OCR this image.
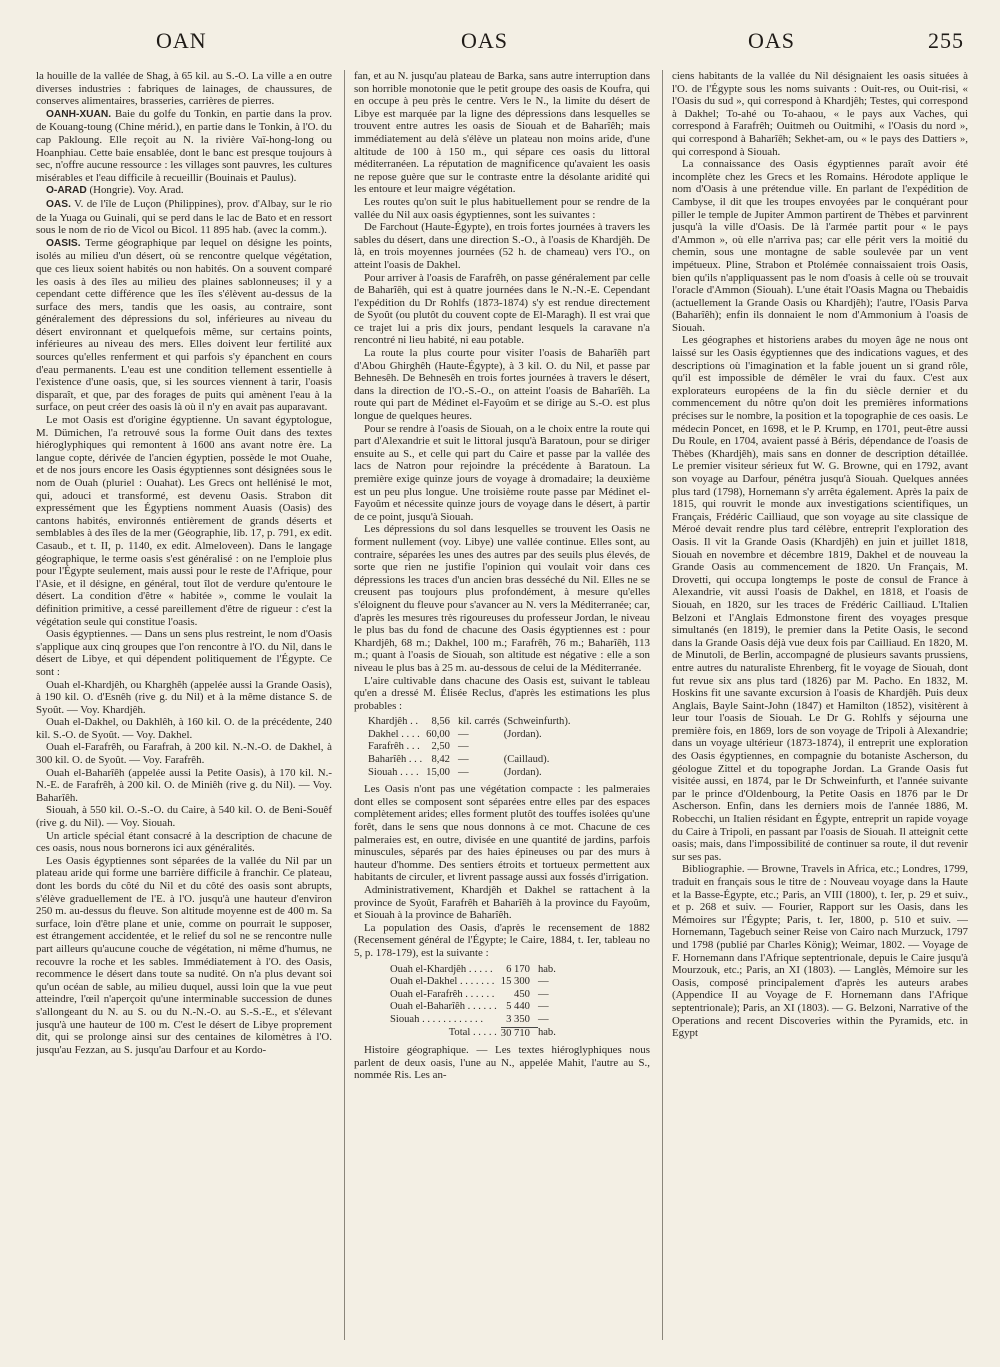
OAN	OAS	OAS	255

la houille de la vallée de Shag, à 65 kil. au S.-O. La ville a en outre diverses industries : fabriques de lainages, de chaussures, de conserves alimentaires, brasseries, carrières de pierres.

OANH-XUAN. Baie du golfe du Tonkin, en partie dans la prov. de Kouang-toung (Chine mérid.), en partie dans le Tonkin, à l'O. du cap Pakloung. Elle reçoit au N. la rivière Vaï-hong-long ou Hoanphiau. Cette baie ensablée, dont le banc est presque toujours à sec, n'offre aucune ressource : les villages sont pauvres, les cultures misérables et l'eau difficile à recueillir (Bouinais et Paulus).

O-ARAD (Hongrie). Voy. Arad.

OAS. V. de l'île de Luçon (Philippines), prov. d'Albay, sur le rio de la Yuaga ou Guinali, qui se perd dans le lac de Bato et en ressort sous le nom de rio de Vicol ou Bicol. 11 895 hab. (avec la comm.).

OASIS. Terme géographique par lequel on désigne les points, isolés au milieu d'un désert, où se rencontre quelque végétation, que ces lieux soient habités ou non habités. On a souvent comparé les oasis à des îles au milieu des plaines sablonneuses; il y a cependant cette différence que les îles s'élèvent au-dessus de la surface des mers, tandis que les oasis, au contraire, sont généralement des dépressions du sol, inférieures au niveau du désert environnant et quelquefois même, sur certains points, inférieures au niveau des mers. Elles doivent leur fertilité aux sources qu'elles renferment et qui parfois s'y épanchent en cours d'eau permanents. L'eau est une condition tellement essentielle à l'existence d'une oasis, que, si les sources viennent à tarir, l'oasis disparaît, et que, par des forages de puits qui amènent l'eau à la surface, on peut créer des oasis là où il n'y en avait pas auparavant.

Le mot Oasis est d'origine égyptienne. Un savant égyptologue, M. Dümichen, l'a retrouvé sous la forme Ouit dans des textes hiéroglyphiques qui remontent à 1600 ans avant notre ère. La langue copte, dérivée de l'ancien égyptien, possède le mot Ouahe, et de nos jours encore les Oasis égyptiennes sont désignées sous le nom de Ouah (pluriel : Ouahat). Les Grecs ont hellénisé le mot, qui, adouci et transformé, est devenu Oasis. Strabon dit expressément que les Égyptiens nomment Auasis (Oasis) des cantons habités, environnés entièrement de grands déserts et semblables à des îles de la mer (Géographie, lib. 17, p. 791, ex edit. Casaub., et t. II, p. 1140, ex edit. Almeloveen). Dans le langage géographique, le terme oasis s'est généralisé : on ne l'emploie plus pour l'Égypte seulement, mais aussi pour le reste de l'Afrique, pour l'Asie, et il désigne, en général, tout îlot de verdure qu'entoure le désert. La condition d'être « habitée », comme le voulait la définition primitive, a cessé pareillement d'être de rigueur : c'est la végétation seule qui constitue l'oasis.

Oasis égyptiennes. — Dans un sens plus restreint, le nom d'Oasis s'applique aux cinq groupes que l'on rencontre à l'O. du Nil, dans le désert de Libye, et qui dépendent politiquement de l'Égypte. Ce sont :

Ouah el-Khardjêh, ou Kharghêh (appelée aussi la Grande Oasis), à 190 kil. O. d'Esnêh (rive g. du Nil) et à la même distance S. de Syoût. — Voy. Khardjêh.

Ouah el-Dakhel, ou Dakhlêh, à 160 kil. O. de la précédente, 240 kil. S.-O. de Syoût. — Voy. Dakhel.

Ouah el-Farafrêh, ou Farafrah, à 200 kil. N.-N.-O. de Dakhel, à 300 kil. O. de Syoût. — Voy. Farafrêh.

Ouah el-Baharîêh (appelée aussi la Petite Oasis), à 170 kil. N.-N.-E. de Farafrêh, à 200 kil. O. de Miniêh (rive g. du Nil). — Voy. Baharîêh.

Siouah, à 550 kil. O.-S.-O. du Caire, à 540 kil. O. de Beni-Souêf (rive g. du Nil). — Voy. Siouah.

Un article spécial étant consacré à la description de chacune de ces oasis, nous nous bornerons ici aux généralités.

Les Oasis égyptiennes sont séparées de la vallée du Nil par un plateau aride qui forme une barrière difficile à franchir. Ce plateau, dont les bords du côté du Nil et du côté des oasis sont abrupts, s'élève graduellement de l'E. à l'O. jusqu'à une hauteur d'environ 250 m. au-dessus du fleuve. Son altitude moyenne est de 400 m. Sa surface, loin d'être plane et unie, comme on pourrait le supposer, est étrangement accidentée, et le relief du sol ne se rencontre nulle part ailleurs qu'aucune couche de végétation, ni même d'humus, ne recouvre la roche et les sables. Immédiatement à l'O. des Oasis, recommence le désert dans toute sa nudité. On n'a plus devant soi qu'un océan de sable, au milieu duquel, aussi loin que la vue peut atteindre, l'œil n'aperçoit qu'une interminable succession de dunes s'allongeant du N. au S. ou du N.-N.-O. au S.-S.-E., et s'élevant jusqu'à une hauteur de 100 m. C'est le désert de Libye proprement dit, qui se prolonge ainsi sur des centaines de kilomètres à l'O. jusqu'au Fezzan, au S. jusqu'au Darfour et au Kordo-

fan, et au N. jusqu'au plateau de Barka, sans autre interruption dans son horrible monotonie que le petit groupe des oasis de Koufra, qui en occupe à peu près le centre. Vers le N., la limite du désert de Libye est marquée par la ligne des dépressions dans lesquelles se trouvent entre autres les oasis de Siouah et de Baharîêh; mais immédiatement au delà s'élève un plateau non moins aride, d'une altitude de 100 à 150 m., qui sépare ces oasis du littoral méditerranéen. La réputation de magnificence qu'avaient les oasis ne repose guère que sur le contraste entre la désolante aridité qui les entoure et leur maigre végétation.

Les routes qu'on suit le plus habituellement pour se rendre de la vallée du Nil aux oasis égyptiennes, sont les suivantes :

De Farchout (Haute-Égypte), en trois fortes journées à travers les sables du désert, dans une direction S.-O., à l'oasis de Khardjêh. De là, en trois moyennes journées (52 h. de chameau) vers l'O., on atteint l'oasis de Dakhel.

Pour arriver à l'oasis de Farafrêh, on passe généralement par celle de Baharîêh, qui est à quatre journées dans le N.-N.-E. Cependant l'expédition du Dr Rohlfs (1873-1874) s'y est rendue directement de Syoût (ou plutôt du couvent copte de El-Maragh). Il est vrai que ce trajet lui a pris dix jours, pendant lesquels la caravane n'a rencontré ni lieu habité, ni eau potable.

La route la plus courte pour visiter l'oasis de Baharîêh part d'Abou Ghirghêh (Haute-Égypte), à 3 kil. O. du Nil, et passe par Behnesêh. De Behnesêh en trois fortes journées à travers le désert, dans la direction de l'O.-S.-O., on atteint l'oasis de Baharîêh. La route qui part de Médinet el-Fayoûm et se dirige au S.-O. est plus longue de quelques heures.

Pour se rendre à l'oasis de Siouah, on a le choix entre la route qui part d'Alexandrie et suit le littoral jusqu'à Baratoun, pour se diriger ensuite au S., et celle qui part du Caire et passe par la vallée des lacs de Natron pour rejoindre la précédente à Baratoun. La première exige quinze jours de voyage à dromadaire; la deuxième est un peu plus longue. Une troisième route passe par Médinet el-Fayoûm et nécessite quinze jours de voyage dans le désert, à partir de ce point, jusqu'à Siouah.

Les dépressions du sol dans lesquelles se trouvent les Oasis ne forment nullement (voy. Libye) une vallée continue. Elles sont, au contraire, séparées les unes des autres par des seuils plus élevés, de sorte que rien ne justifie l'opinion qui voulait voir dans ces dépressions les traces d'un ancien bras desséché du Nil. Elles ne se creusent pas toujours plus profondément, à mesure qu'elles s'éloignent du fleuve pour s'avancer au N. vers la Méditerranée; car, d'après les mesures très rigoureuses du professeur Jordan, le niveau le plus bas du fond de chacune des Oasis égyptiennes est : pour Khardjêh, 68 m.; Dakhel, 100 m.; Farafrêh, 76 m.; Baharîêh, 113 m.; quant à l'oasis de Siouah, son altitude est négative : elle a son niveau le plus bas à 25 m. au-dessous de celui de la Méditerranée.

L'aire cultivable dans chacune des Oasis est, suivant le tableau qu'en a dressé M. Élisée Reclus, d'après les estimations les plus probables :

Khardjêh . .	8,56	kil. carrés	(Schweinfurth).
Dakhel . . . .	60,00	—	(Jordan).
Farafrêh . . .	2,50	—	
Baharîêh . . .	8,42	—	(Caillaud).
Siouah . . . .	15,00	—	(Jordan).

Les Oasis n'ont pas une végétation compacte : les palmeraies dont elles se composent sont séparées entre elles par des espaces complètement arides; elles forment plutôt des touffes isolées qu'une forêt, dans le sens que nous donnons à ce mot. Chacune de ces palmeraies est, en outre, divisée en une quantité de jardins, parfois minuscules, séparés par des haies épineuses ou par des murs à hauteur d'homme. Des sentiers étroits et tortueux permettent aux habitants de circuler, et livrent passage aussi aux fossés d'irrigation.

Administrativement, Khardjêh et Dakhel se rattachent à la province de Syoût, Farafrêh et Baharîêh à la province du Fayoûm, et Siouah à la province de Baharîêh.

La population des Oasis, d'après le recensement de 1882 (Recensement général de l'Égypte; le Caire, 1884, t. Ier, tableau no 5, p. 178-179), est la suivante :

Ouah el-Khardjêh . . . . .	6 170	hab.
Ouah el-Dakhel . . . . . . .	15 300	—
Ouah el-Farafrêh . . . . . .	450	—
Ouah el-Baharîêh . . . . . .	5 440	—
Siouah . . . . . . . . . . . .	3 350	—
Total . . . . .	30 710	hab.

Histoire géographique. — Les textes hiéroglyphiques nous parlent de deux oasis, l'une au N., appelée Mahit, l'autre au S., nommée Ris. Les an-

ciens habitants de la vallée du Nil désignaient les oasis situées à l'O. de l'Égypte sous les noms suivants : Ouit-res, ou Ouit-risi, « l'Oasis du sud », qui correspond à Khardjêh; Testes, qui correspond à Dakhel; To-ahé ou To-ahaou, « le pays aux Vaches, qui correspond à Farafrêh; Ouitmeh ou Ouitmihi, « l'Oasis du nord », qui correspond à Baharîêh; Sekhet-am, ou « le pays des Dattiers », qui correspond à Siouah.

La connaissance des Oasis égyptiennes paraît avoir été incomplète chez les Grecs et les Romains. Hérodote applique le nom d'Oasis à une prétendue ville. En parlant de l'expédition de Cambyse, il dit que les troupes envoyées par le conquérant pour piller le temple de Jupiter Ammon partirent de Thèbes et parvinrent jusqu'à la ville d'Oasis. De là l'armée partit pour « le pays d'Ammon », où elle n'arriva pas; car elle périt vers la moitié du chemin, sous une montagne de sable soulevée par un vent impétueux. Pline, Strabon et Ptolémée connaissaient trois Oasis, bien qu'ils n'appliquassent pas le nom d'oasis à celle où se trouvait l'oracle d'Ammon (Siouah). L'une était l'Oasis Magna ou Thebaidis (actuellement la Grande Oasis ou Khardjêh); l'autre, l'Oasis Parva (Baharîêh); enfin ils donnaient le nom d'Ammonium à l'oasis de Siouah.

Les géographes et historiens arabes du moyen âge ne nous ont laissé sur les Oasis égyptiennes que des indications vagues, et des descriptions où l'imagination et la fable jouent un si grand rôle, qu'il est impossible de démêler le vrai du faux. C'est aux explorateurs européens de la fin du siècle dernier et du commencement du nôtre qu'on doit les premières informations précises sur le nombre, la position et la topographie de ces oasis. Le médecin Poncet, en 1698, et le P. Krump, en 1701, peut-être aussi Du Roule, en 1704, avaient passé à Béris, dépendance de l'oasis de Thèbes (Khardjêh), mais sans en donner de description détaillée. Le premier visiteur sérieux fut W. G. Browne, qui en 1792, avant son voyage au Darfour, pénétra jusqu'à Siouah. Quelques années plus tard (1798), Hornemann s'y arrêta également. Après la paix de 1815, qui rouvrit le monde aux investigations scientifiques, un Français, Frédéric Cailliaud, que son voyage au site classique de Méroé devait rendre plus tard célèbre, entreprit l'exploration des Oasis. Il vit la Grande Oasis (Khardjêh) en juin et juillet 1818, Siouah en novembre et décembre 1819, Dakhel et de nouveau la Grande Oasis au commencement de 1820. Un Français, M. Drovetti, qui occupa longtemps le poste de consul de France à Alexandrie, vit aussi l'oasis de Dakhel, en 1818, et l'oasis de Siouah, en 1820, sur les traces de Frédéric Cailliaud. L'Italien Belzoni et l'Anglais Edmonstone firent des voyages presque simultanés (en 1819), le premier dans la Petite Oasis, le second dans la Grande Oasis déjà vue deux fois par Cailliaud. En 1820, M. de Minutoli, de Berlin, accompagné de plusieurs savants prussiens, entre autres du naturaliste Ehrenberg, fit le voyage de Siouah, dont fut revue six ans plus tard (1826) par M. Pacho. En 1832, M. Hoskins fit une savante excursion à l'oasis de Khardjêh. Puis deux Anglais, Bayle Saint-John (1847) et Hamilton (1852), visitèrent à leur tour l'oasis de Siouah. Le Dr G. Rohlfs y séjourna une première fois, en 1869, lors de son voyage de Tripoli à Alexandrie; dans un voyage ultérieur (1873-1874), il entreprit une exploration des Oasis égyptiennes, en compagnie du botaniste Ascherson, du géologue Zittel et du topographe Jordan. La Grande Oasis fut visitée aussi, en 1874, par le Dr Schweinfurth, et l'année suivante par le prince d'Oldenbourg, la Petite Oasis en 1876 par le Dr Ascherson. Enfin, dans les derniers mois de l'année 1886, M. Robecchi, un Italien résidant en Égypte, entreprit un rapide voyage du Caire à Tripoli, en passant par l'oasis de Siouah. Il atteignit cette oasis; mais, dans l'impossibilité de continuer sa route, il dut revenir sur ses pas.

Bibliographie. — Browne, Travels in Africa, etc.; Londres, 1799, traduit en français sous le titre de : Nouveau voyage dans la Haute et la Basse-Égypte, etc.; Paris, an VIII (1800), t. Ier, p. 29 et suiv., et p. 268 et suiv. — Fourier, Rapport sur les Oasis, dans les Mémoires sur l'Égypte; Paris, t. Ier, 1800, p. 510 et suiv. — Hornemann, Tagebuch seiner Reise von Cairo nach Murzuck, 1797 und 1798 (publié par Charles König); Weimar, 1802. — Voyage de F. Hornemann dans l'Afrique septentrionale, depuis le Caire jusqu'à Mourzouk, etc.; Paris, an XI (1803). — Langlès, Mémoire sur les Oasis, composé principalement d'après les auteurs arabes (Appendice II au Voyage de F. Hornemann dans l'Afrique septentrionale); Paris, an XI (1803). — G. Belzoni, Narrative of the Operations and recent Discoveries within the Pyramids, etc. in Egypt
